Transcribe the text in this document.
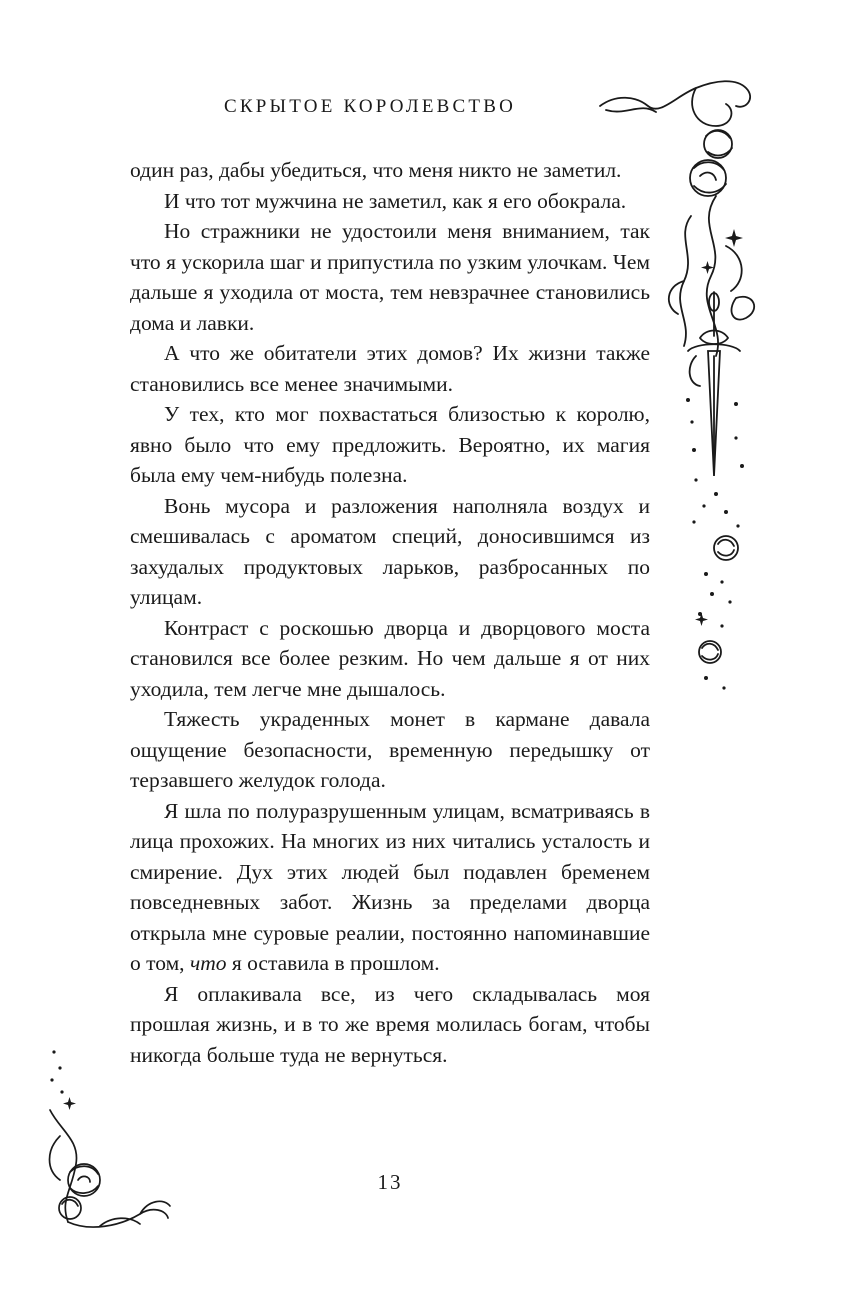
СКРЫТОЕ КОРОЛЕВСТВО

один раз, дабы убедиться, что меня никто не заметил.

И что тот мужчина не заметил, как я его обокрала.

Но стражники не удостоили меня вниманием, так что я ускорила шаг и припустила по узким улочкам. Чем дальше я уходила от моста, тем невзрачнее становились дома и лавки.

А что же обитатели этих домов? Их жизни также становились все менее значимыми.

У тех, кто мог похвастаться близостью к королю, явно было что ему предложить. Вероятно, их магия была ему чем-нибудь полезна.

Вонь мусора и разложения наполняла воздух и смешивалась с ароматом специй, доносившимся из захудалых продуктовых ларьков, разбросанных по улицам.

Контраст с роскошью дворца и дворцового моста становился все более резким. Но чем дальше я от них уходила, тем легче мне дышалось.

Тяжесть украденных монет в кармане давала ощущение безопасности, временную передышку от терзавшего желудок голода.

Я шла по полуразрушенным улицам, всматриваясь в лица прохожих. На многих из них читались усталость и смирение. Дух этих людей был подавлен бременем повседневных забот. Жизнь за пределами дворца открыла мне суровые реалии, постоянно напоминавшие о том, что я оставила в прошлом.

Я оплакивала все, из чего складывалась моя прошлая жизнь, и в то же время молилась богам, чтобы никогда больше туда не вернуться.

13
